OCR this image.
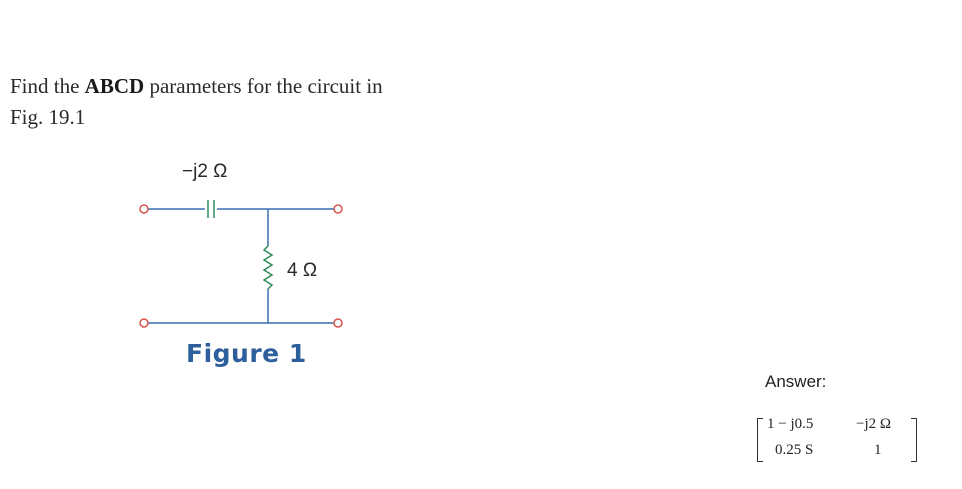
Find the ABCD parameters for the circuit in
Fig. 19.1
−j2 Ω
4 Ω
Figure 1
Answer:
1 − j0.5	−j2 Ω
0.25 S	1
